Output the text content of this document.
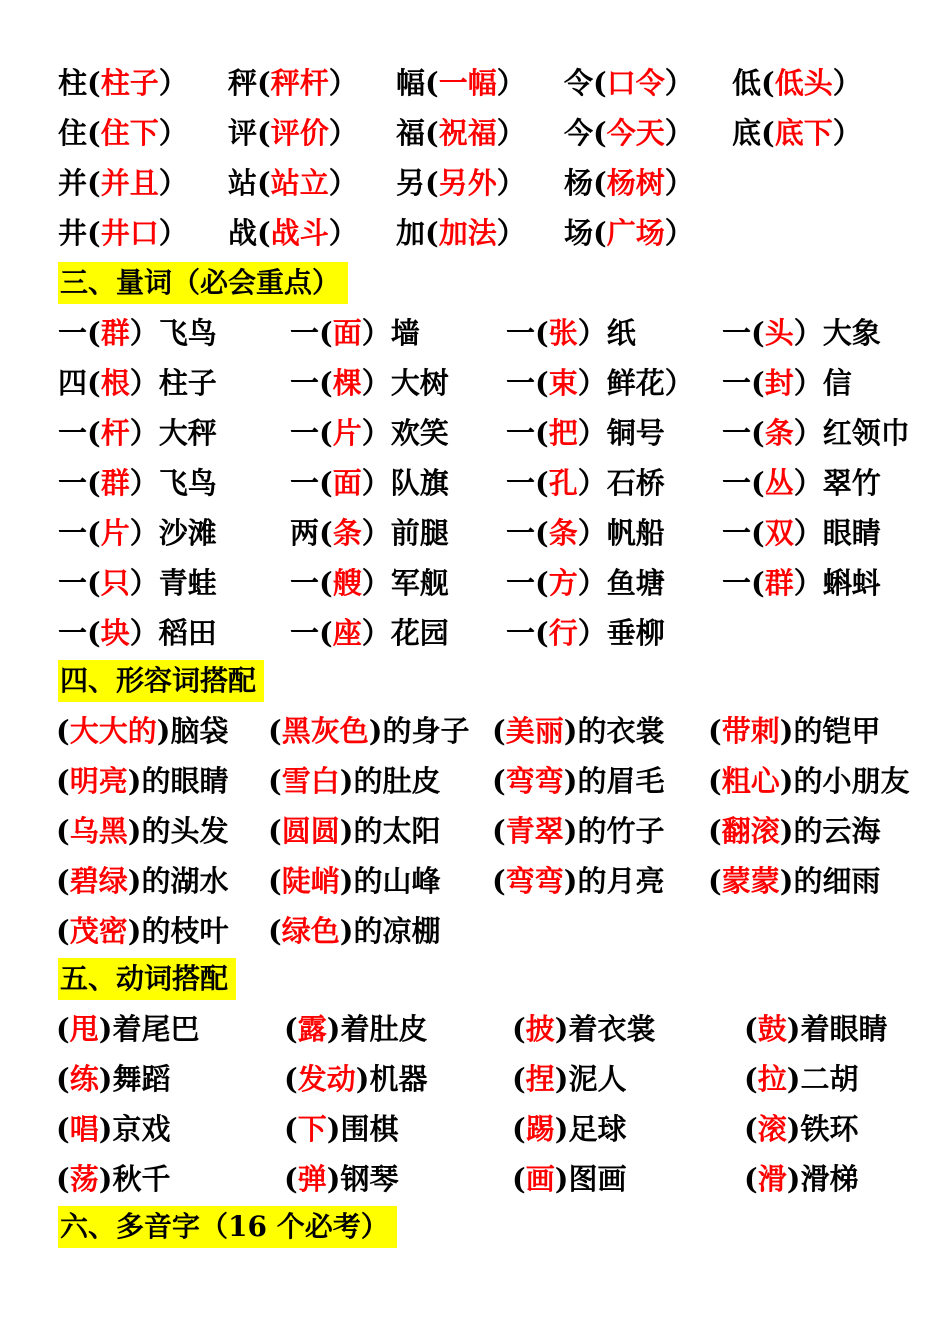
柱(柱子） 秤(秤杆） 幅(一幅） 令(口令） 低(低头）
住(住下） 评(评价） 福(祝福） 今(今天） 底(底下）
并(并且） 站(站立） 另(另外） 杨(杨树）
井(井口） 战(战斗） 加(加法） 场(广场）
三、量词（必会重点）
一(群）飞鸟	一(面）墙	一(张）纸	一(头）大象
四(根）柱子	一(棵）大树 一(束）鲜花） 一(封）信
一(杆）大秤	一(片）欢笑 一(把）铜号 一(条）红领巾
一(群）飞鸟	一(面）队旗 一(孔）石桥 一(丛）翠竹
一(片）沙滩	两(条）前腿 一(条）帆船 一(双）眼睛
一(只）青蛙	一(艘）军舰 一(方）鱼塘 一(群）蝌蚪
一(块）稻田	一(座）花园 一(行）垂柳
四、形容词搭配
(大大的)脑袋 (黑灰色)的身子 (美丽)的衣裳 (带刺)的铠甲
(明亮)的眼睛 (雪白)的肚皮 (弯弯)的眉毛 (粗心)的小朋友
(乌黑)的头发 (圆圆)的太阳 (青翠)的竹子 (翻滚)的云海
(碧绿)的湖水 (陡峭)的山峰 (弯弯)的月亮 (蒙蒙)的细雨
(茂密)的枝叶 (绿色)的凉棚
五、动词搭配
(甩)着尾巴	(露)着肚皮	(披)着衣裳	(鼓)着眼睛
(练)舞蹈	(发动)机器	(捏)泥人	(拉)二胡
(唱)京戏	(下)围棋	(踢)足球	(滚)铁环
(荡)秋千	(弹)钢琴	(画)图画	(滑)滑梯
六、多音字（16 个必考）
